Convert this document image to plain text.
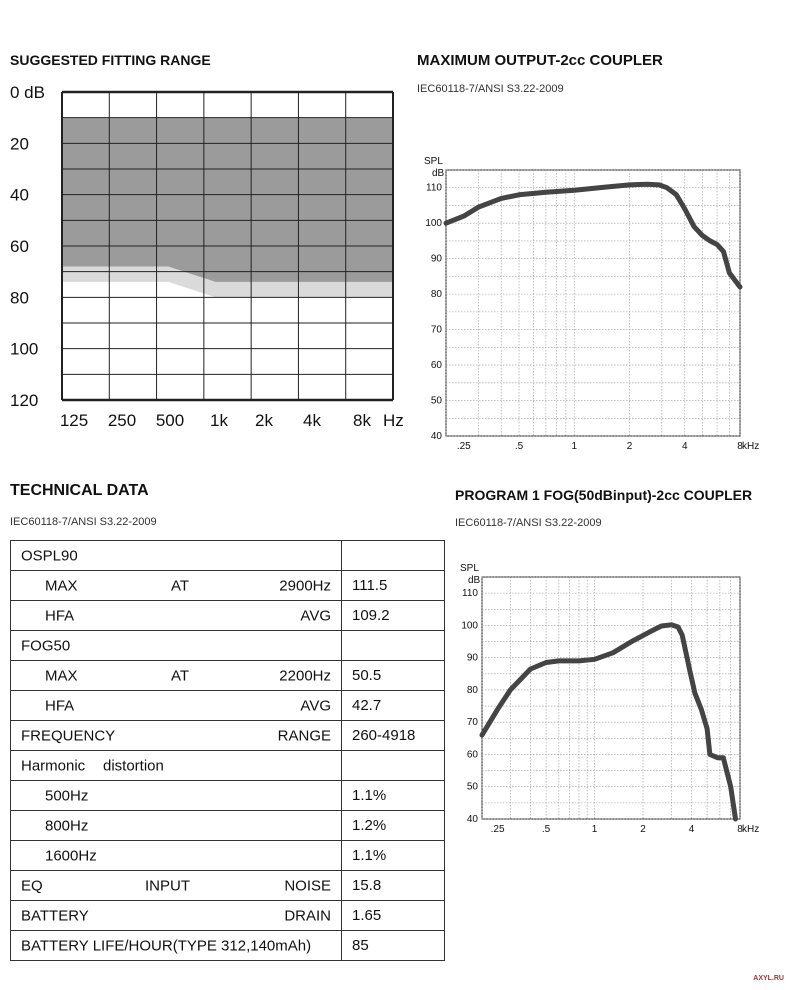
SUGGESTED FITTING RANGE
0 dB
20
40
60
80
100
120
125 250 500 1k 2k 4k 8k Hz
MAXIMUM OUTPUT-2cc COUPLER
IEC60118-7/ANSI S3.22-2009
110
100
90
80
70
60
50
40
.25	.5	1	2	4	8 kHz
SPL
dB
TECHNICAL DATA
IEC60118-7/ANSI S3.22-2009
OSPL90	

MAX AT 2900Hz	111.5

HFA AVG	109.2

FOG50	

MAX AT 2200Hz	50.5

HFA AVG	42.7

FREQUENCY RANGE	260-4918

Harmonic distortion	

500Hz	1.1%

800Hz	1.2%

1600Hz	1.1%

EQ INPUT NOISE	15.8

BATTERY DRAIN	1.65

BATTERY LIFE/HOUR(TYPE 312,140mAh)	85
PROGRAM 1 FOG(50dBinput)-2cc COUPLER
IEC60118-7/ANSI S3.22-2009
110
100
90
80
70
60
50
40
.25	.5	1	2	4	8 kHz
SPL
dB
AXYL.RU
